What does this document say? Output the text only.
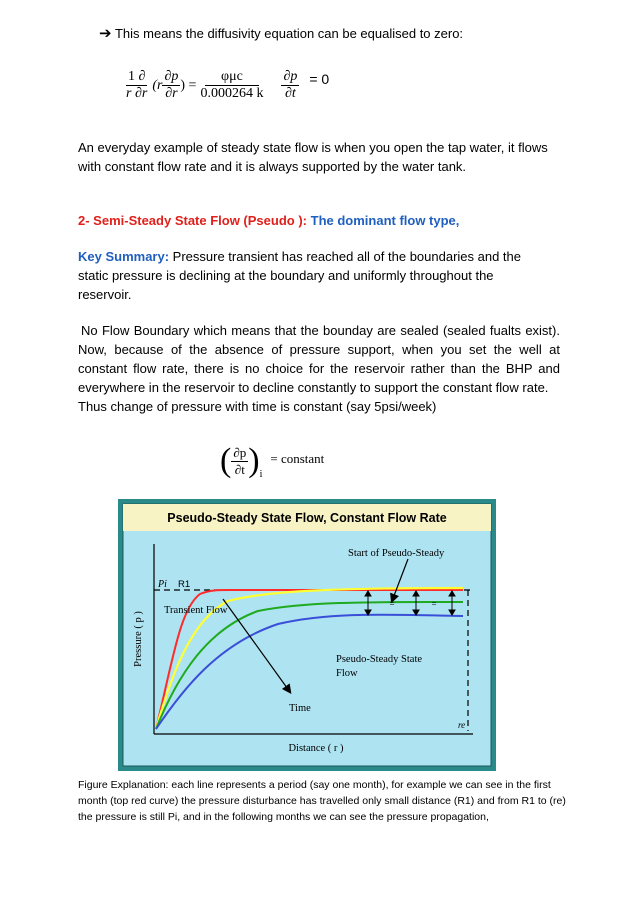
➔ This means the diffusivity equation can be equalised to zero:
$\frac{1 \partial}{r \partial r} (r \frac{\partial p}{\partial r}$ ) = $\frac{\text{φμc}}{0.000264 k} \frac{\partial p}{\partial t} = 0$
An everyday example of steady state flow is when you open the tap water, it flows with constant flow rate and it is always supported by the water tank.
2- Semi-Steady State Flow (Pseudo ): The dominant flow type,
Key Summary: Pressure transient has reached all of the boundaries and the static pressure is declining at the boundary and uniformly throughout the reservoir.
No Flow Boundary which means that the bounday are sealed (sealed fualts exist). Now, because of the absence of pressure support, when you set the well at constant flow rate, there is no choice for the reservoir rather than the BHP and everywhere in the reservoir to decline constantly to support the constant flow rate.
Thus change of pressure with time is constant (say 5psi/week)
( $\frac{\partial p}{\partial t}$ ) i
= constant
Pseudo-Steady State Flow, Constant Flow Rate
=	=
Start of Pseudo-Steady
Pi R1
Transient Flow
Pseudo-Steady State
Flow
Time
Pressure ( p )
Distance ( r )
re
Figure Explanation: each line represents a period (say one month), for example we can see in the first month (top red curve) the pressure disturbance has travelled only small distance (R1) and from R1 to (re) the pressure is still Pi, and in the following months we can see the pressure propagation,
